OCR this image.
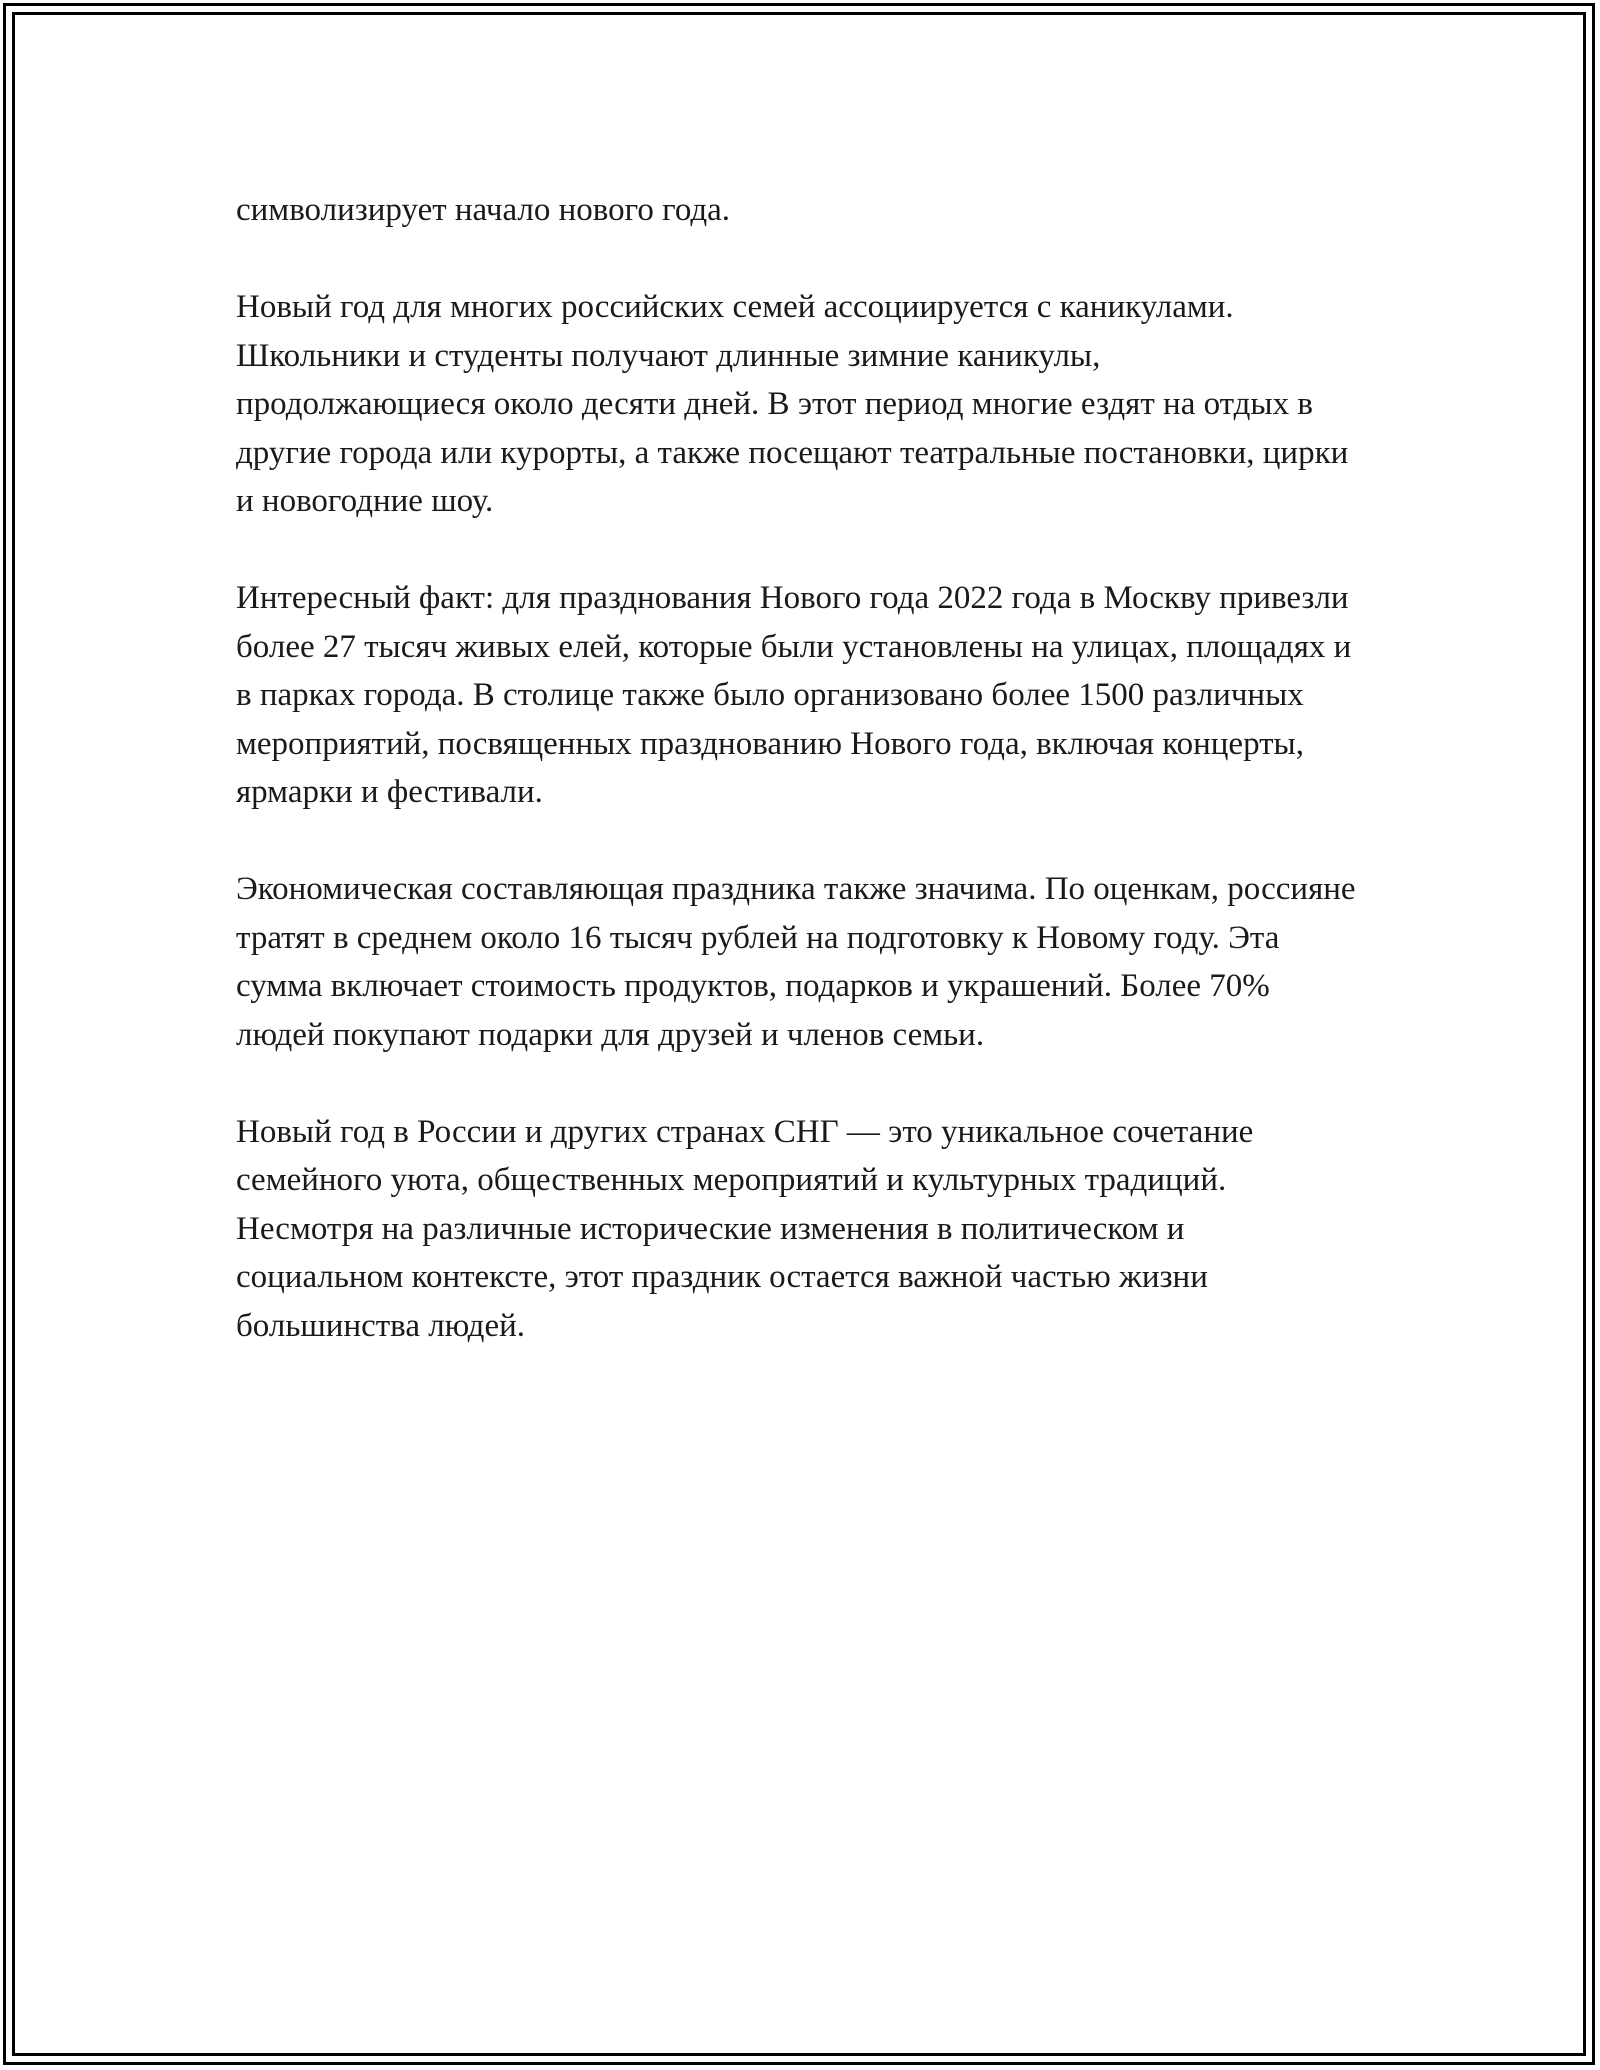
символизирует начало нового года.

Новый год для многих российских семей ассоциируется с каникулами. Школьники и студенты получают длинные зимние каникулы, продолжающиеся около десяти дней. В этот период многие ездят на отдых в другие города или курорты, а также посещают театральные постановки, цирки и новогодние шоу.

Интересный факт: для празднования Нового года 2022 года в Москву привезли более 27 тысяч живых елей, которые были установлены на улицах, площадях и в парках города. В столице также было организовано более 1500 различных мероприятий, посвященных празднованию Нового года, включая концерты, ярмарки и фестивали.

Экономическая составляющая праздника также значима. По оценкам, россияне тратят в среднем около 16 тысяч рублей на подготовку к Новому году. Эта сумма включает стоимость продуктов, подарков и украшений. Более 70% людей покупают подарки для друзей и членов семьи.

Новый год в России и других странах СНГ — это уникальное сочетание семейного уюта, общественных мероприятий и культурных традиций. Несмотря на различные исторические изменения в политическом и социальном контексте, этот праздник остается важной частью жизни большинства людей.
